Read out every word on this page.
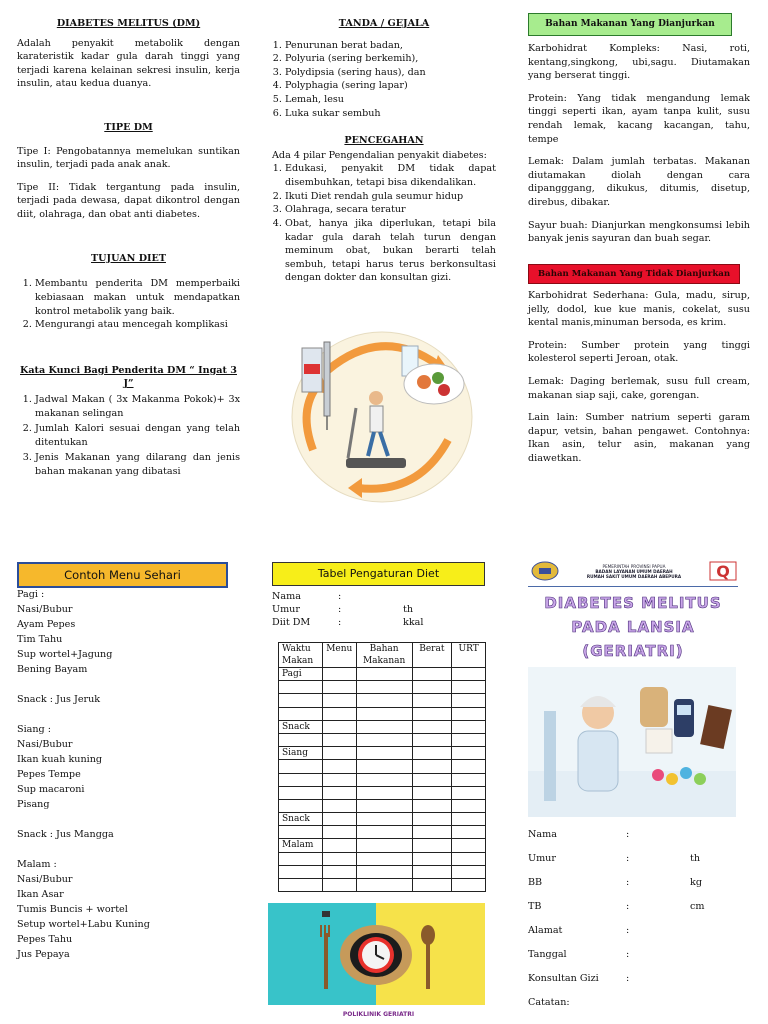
DIABETES MELITUS (DM)
Adalah penyakit metabolik dengan karateristik kadar gula darah tinggi yang terjadi karena kelainan sekresi insulin, kerja insulin, atau kedua duanya.
TIPE DM
Tipe I: Pengobatannya memelukan suntikan insulin, terjadi pada anak anak.
Tipe II: Tidak tergantung pada insulin, terjadi pada dewasa, dapat dikontrol dengan diit, olahraga, dan obat anti diabetes.
TUJUAN DIET
1. Membantu penderita DM memperbaiki kebiasaan makan untuk mendapatkan kontrol metabolik yang baik.
2. Mengurangi atau mencegah komplikasi
Kata Kunci Bagi Penderita DM “ Ingat 3 J”
1. Jadwal Makan ( 3x Makanma Pokok)+ 3x makanan selingan
2. Jumlah Kalori sesuai dengan yang telah ditentukan
3. Jenis Makanan yang dilarang dan jenis bahan makanan yang dibatasi
TANDA / GEJALA
1. Penurunan berat badan,
2. Polyuria (sering berkemih),
3. Polydipsia (sering haus), dan
4. Polyphagia (sering lapar)
5. Lemah, lesu
6. Luka sukar sembuh
PENCEGAHAN
Ada 4 pilar Pengendalian penyakit diabetes:
1. Edukasi, penyakit DM tidak dapat disembuhkan, tetapi bisa dikendalikan.
2. Ikuti Diet rendah gula seumur hidup
3. Olahraga, secara teratur
4. Obat, hanya jika diperlukan, tetapi bila kadar gula darah telah turun dengan meminum obat, bukan berarti telah sembuh, tetapi harus terus berkonsultasi dengan dokter dan konsultan gizi.
Bahan Makanan Yang Dianjurkan
Karbohidrat Kompleks: Nasi, roti, kentang,singkong, ubi,sagu. Diutamakan yang berserat tinggi.
Protein: Yang tidak mengandung lemak tinggi seperti ikan, ayam tanpa kulit, susu rendah lemak, kacang kacangan, tahu, tempe
Lemak: Dalam jumlah terbatas. Makanan diutamakan diolah dengan cara dipangggang, dikukus, ditumis, disetup, direbus, dibakar.
Sayur buah: Dianjurkan mengkonsumsi lebih banyak jenis sayuran dan buah segar.
Bahan Makanan Yang Tidak Dianjurkan
Karbohidrat Sederhana: Gula, madu, sirup, jelly, dodol, kue kue manis, cokelat, susu kental manis,minuman bersoda, es krim.
Protein: Sumber protein yang tinggi kolesterol seperti Jeroan, otak.
Lemak: Daging berlemak, susu full cream, makanan siap saji, cake, gorengan.
Lain lain: Sumber natrium seperti garam dapur, vetsin, bahan pengawet. Contohnya: Ikan asin, telur asin, makanan yang diawetkan.
Contoh Menu Sehari
Pagi :
Nasi/Bubur
Ayam Pepes
Tim Tahu
Sup wortel+Jagung
Bening Bayam
Snack : Jus Jeruk
Siang :
Nasi/Bubur
Ikan kuah kuning
Pepes Tempe
Sup macaroni
Pisang
Snack : Jus Mangga
Malam :
Nasi/Bubur
Ikan Asar
Tumis Buncis + wortel
Setup wortel+Labu Kuning
Pepes Tahu
Jus Pepaya
Tabel Pengaturan Diet
Nama	:
Umur	:	th
Diit DM	:	kkal
Waktu Makan	Menu	Bahan Makanan	Berat	URT
Pagi				

Snack				

Siang				

Snack				

Malam				

POLIKLINIK GERIATRI
PEMERINTAH PROVINSI PAPUA
BADAN LAYANAN UMUM DAERAH
RUMAH SAKIT UMUM DAERAH ABEPURA	Q
DIABETES MELITUS
PADA LANSIA
(GERIATRI)
Nama	:
Umur	:	th
BB	:	kg
TB	:	cm
Alamat	:
Tanggal	:
Konsultan Gizi	:
Catatan:
